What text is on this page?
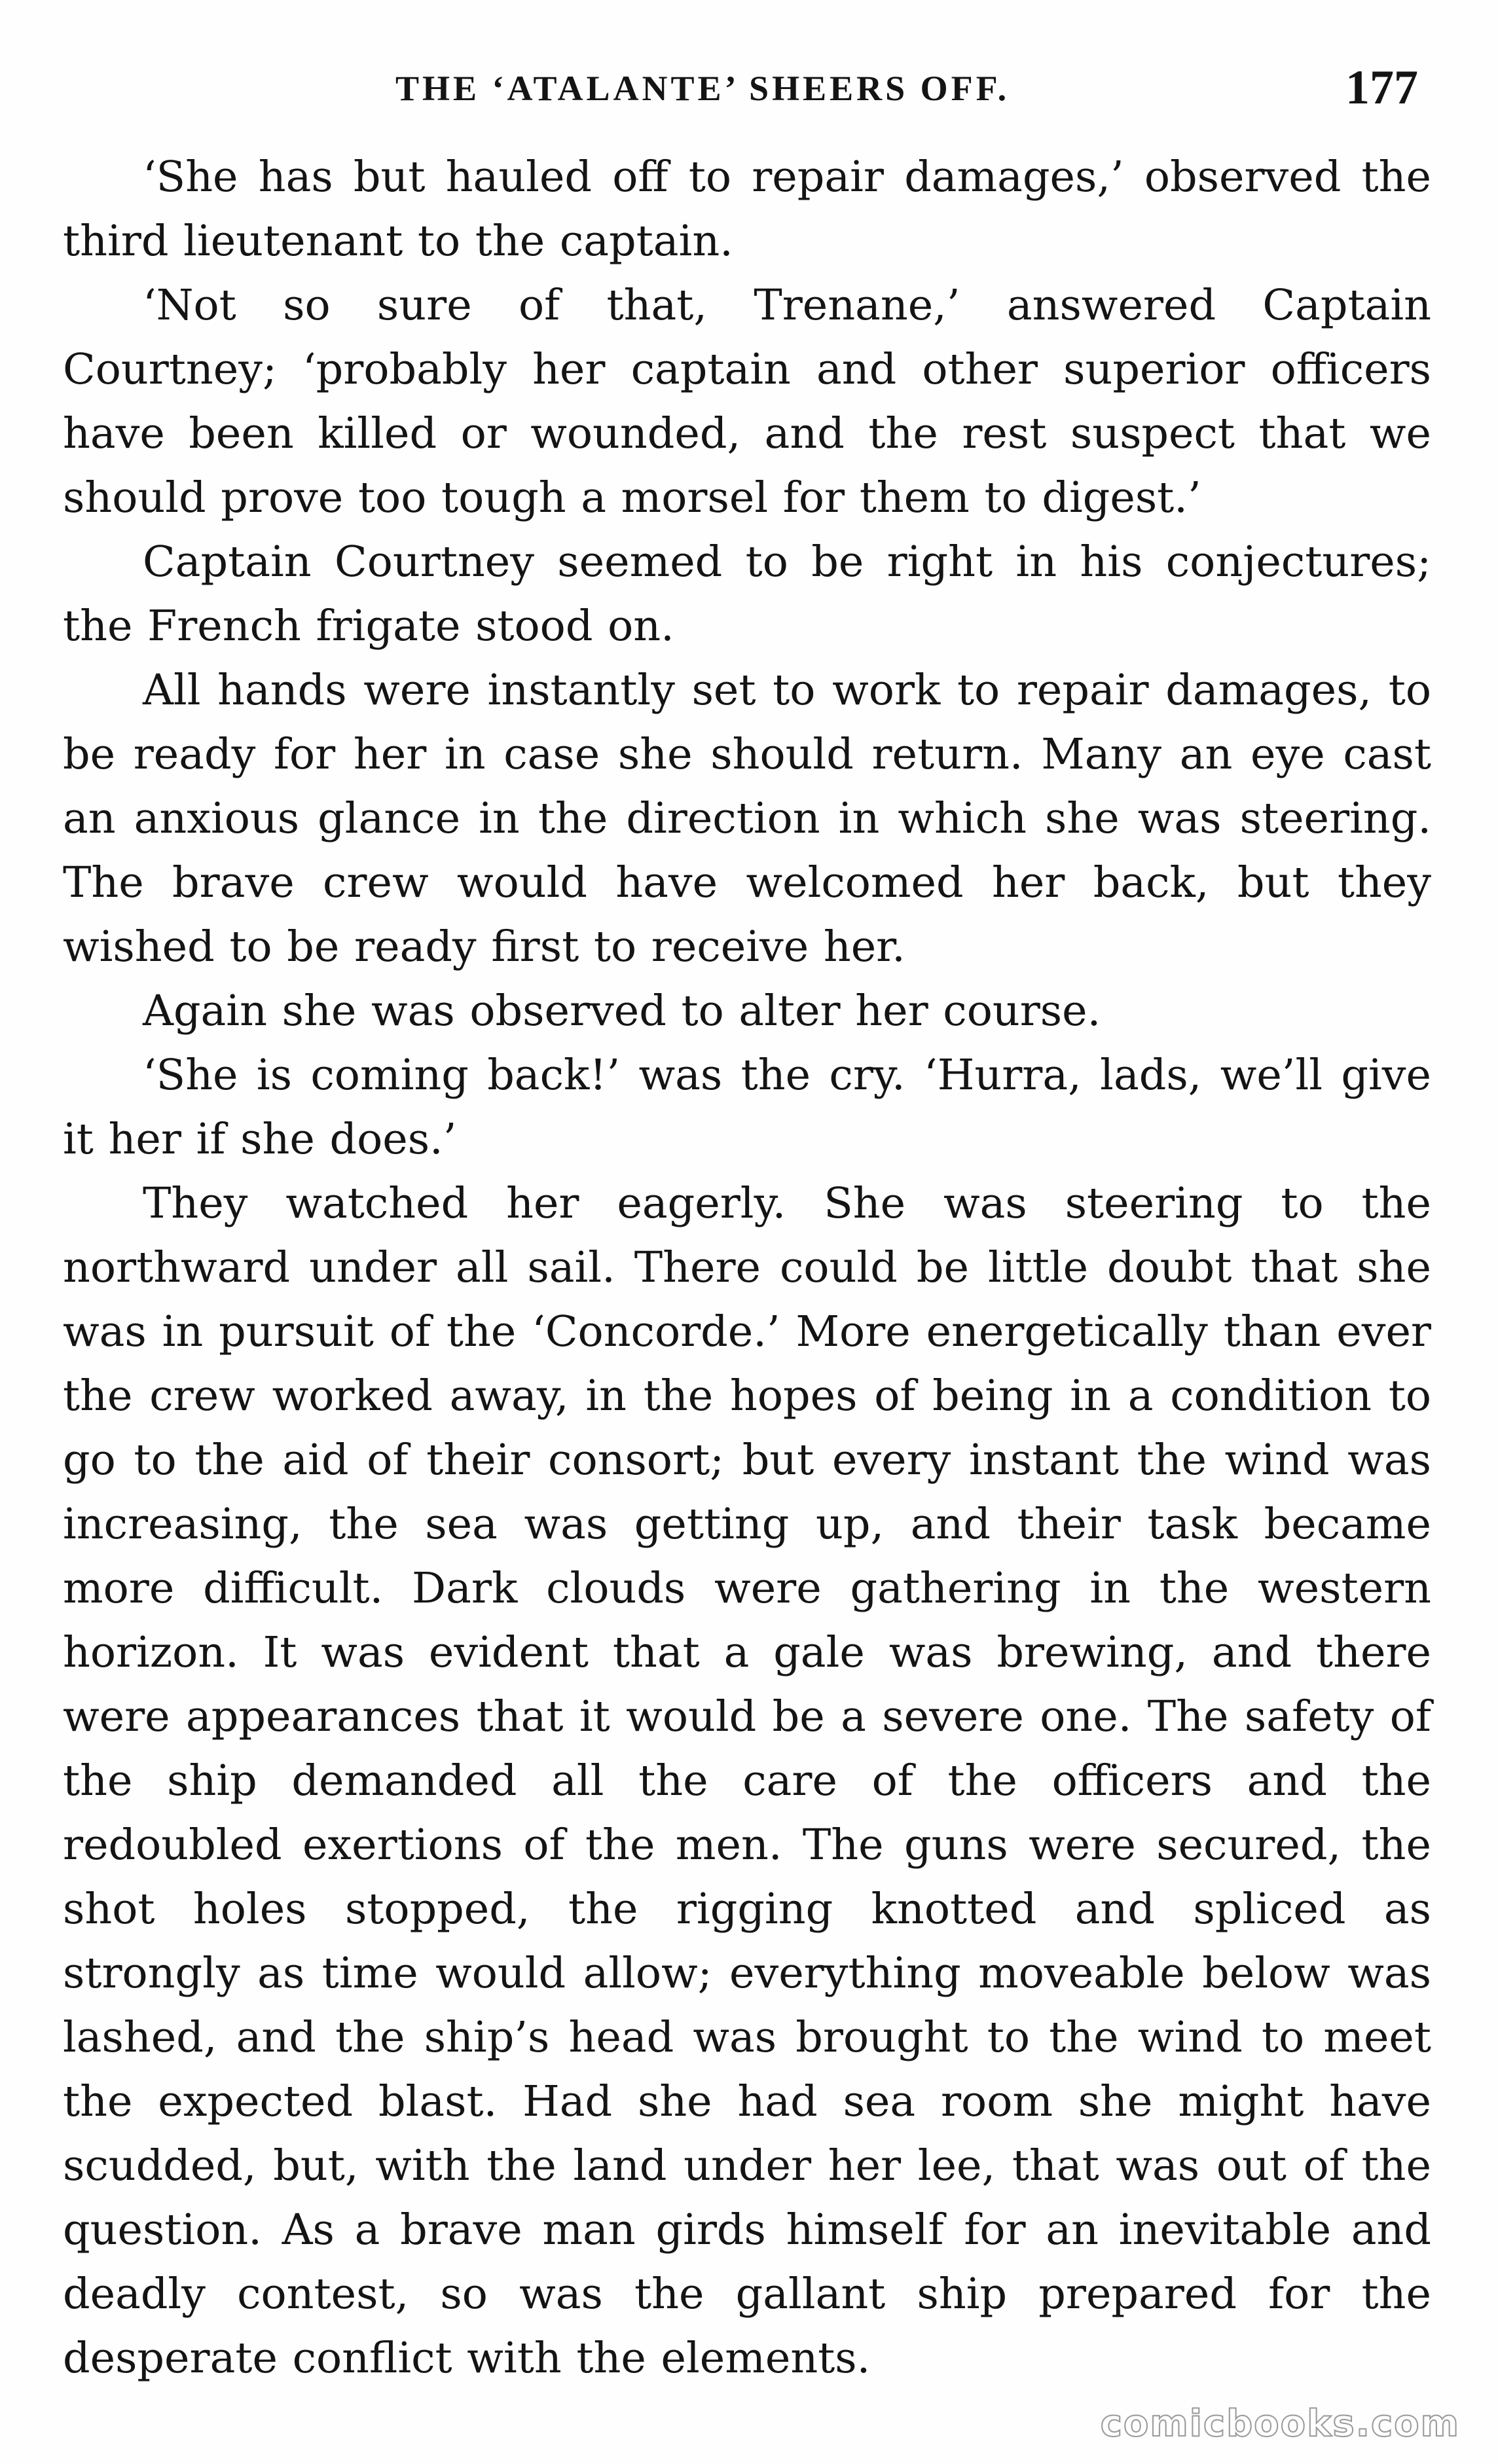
THE ‘ATALANTE’ SHEERS OFF.	177

‘She has but hauled off to repair damages,’ observed the third lieutenant to the captain.

‘Not so sure of that, Trenane,’ answered Captain Courtney; ‘probably her captain and other superior officers have been killed or wounded, and the rest suspect that we should prove too tough a morsel for them to digest.’

Captain Courtney seemed to be right in his conjectures; the French frigate stood on.

All hands were instantly set to work to repair damages, to be ready for her in case she should return. Many an eye cast an anxious glance in the direction in which she was steering. The brave crew would have welcomed her back, but they wished to be ready first to receive her.

Again she was observed to alter her course.

‘She is coming back!’ was the cry. ‘Hurra, lads, we’ll give it her if she does.’

They watched her eagerly. She was steering to the northward under all sail. There could be little doubt that she was in pursuit of the ‘Concorde.’ More energetically than ever the crew worked away, in the hopes of being in a condition to go to the aid of their consort; but every instant the wind was increasing, the sea was getting up, and their task became more difficult. Dark clouds were gathering in the western horizon. It was evident that a gale was brewing, and there were appearances that it would be a severe one. The safety of the ship demanded all the care of the officers and the redoubled exertions of the men. The guns were secured, the shot holes stopped, the rigging knotted and spliced as strongly as time would allow; everything moveable below was lashed, and the ship’s head was brought to the wind to meet the expected blast. Had she had sea room she might have scudded, but, with the land under her lee, that was out of the question. As a brave man girds himself for an inevitable and deadly contest, so was the gallant ship prepared for the desperate conflict with the elements.

comicbooks.com
